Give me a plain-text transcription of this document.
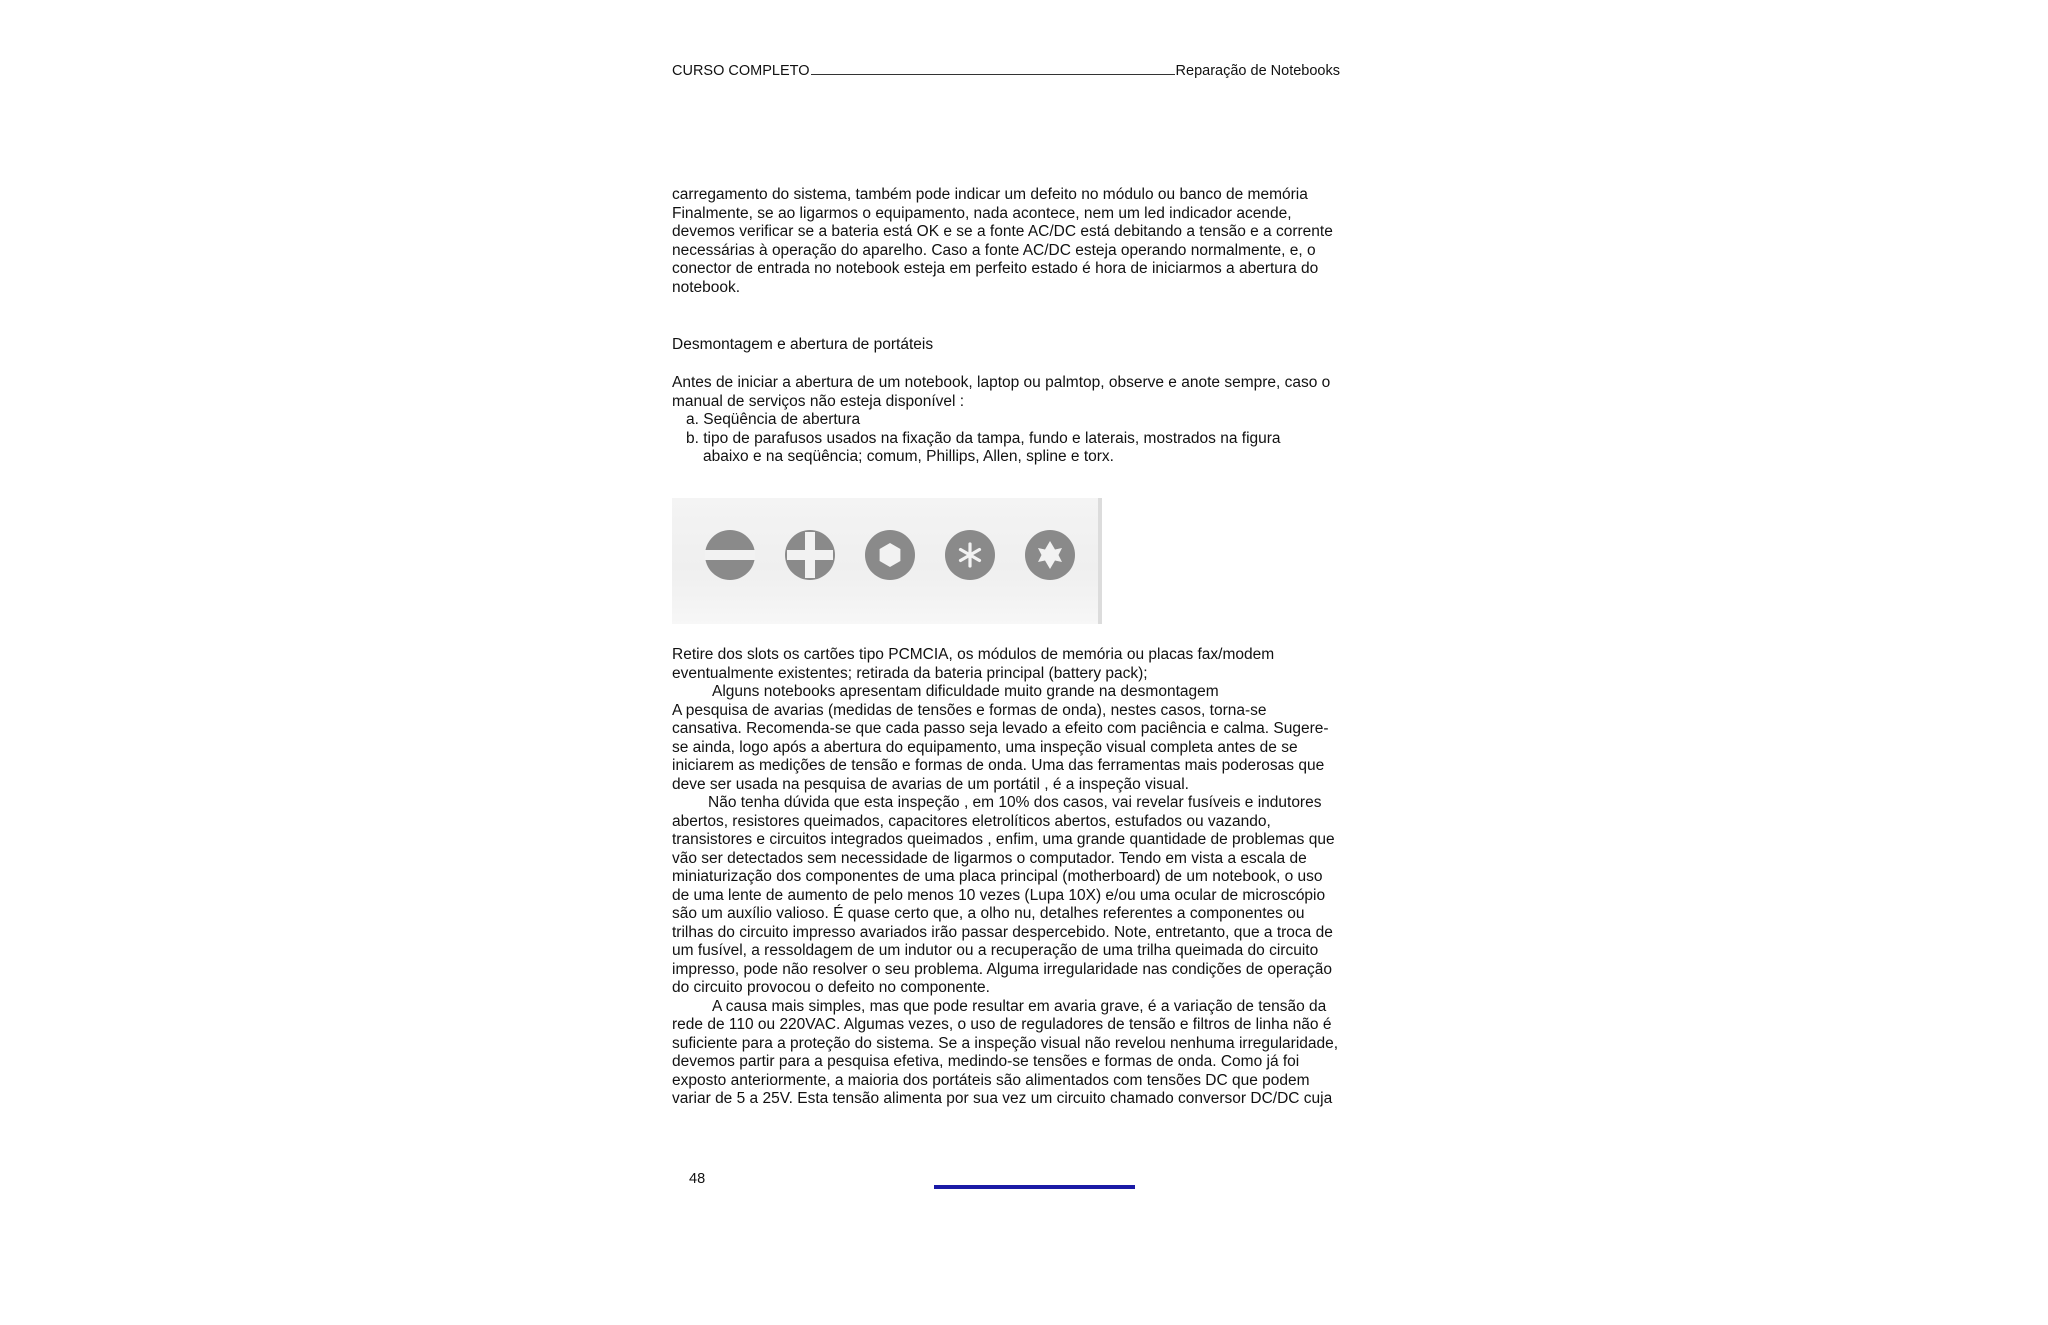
CURSO COMPLETO	Reparação de Notebooks

carregamento do sistema, também pode indicar um defeito no módulo ou banco de memória

Finalmente, se ao ligarmos o equipamento, nada acontece, nem um led indicador acende,

devemos verificar se a bateria está OK e se a fonte AC/DC está debitando a tensão e a corrente

necessárias à operação do aparelho. Caso a fonte AC/DC esteja operando normalmente, e, o

conector de entrada no notebook esteja em perfeito estado é hora de iniciarmos a abertura do

notebook.

Desmontagem e abertura de portáteis

Antes de iniciar a abertura de um notebook, laptop ou palmtop, observe e anote sempre, caso o

manual de serviços não esteja disponível :

a. Seqüência de abertura

b. tipo de parafusos usados na fixação da tampa, fundo e laterais, mostrados na figura

abaixo e na seqüência; comum, Phillips, Allen, spline e torx.

Retire dos slots os cartões tipo PCMCIA, os módulos de memória ou placas fax/modem

eventualmente existentes; retirada da bateria principal (battery pack);

Alguns notebooks apresentam dificuldade muito grande na desmontagem

A pesquisa de avarias (medidas de tensões e formas de onda), nestes casos, torna-se

cansativa. Recomenda-se que cada passo seja levado a efeito com paciência e calma. Sugere-

se ainda, logo após a abertura do equipamento, uma inspeção visual completa antes de se

iniciarem as medições de tensão e formas de onda. Uma das ferramentas mais poderosas que

deve ser usada na pesquisa de avarias de um portátil , é a inspeção visual.

Não tenha dúvida que esta inspeção , em 10% dos casos, vai revelar fusíveis e indutores

abertos, resistores queimados, capacitores eletrolíticos abertos, estufados ou vazando,

transistores e circuitos integrados queimados , enfim, uma grande quantidade de problemas que

vão ser detectados sem necessidade de ligarmos o computador. Tendo em vista a escala de

miniaturização dos componentes de uma placa principal (motherboard) de um notebook, o uso

de uma lente de aumento de pelo menos 10 vezes (Lupa 10X) e/ou uma ocular de microscópio

são um auxílio valioso. É quase certo que, a olho nu, detalhes referentes a componentes ou

trilhas do circuito impresso avariados irão passar despercebido. Note, entretanto, que a troca de

um fusível, a ressoldagem de um indutor ou a recuperação de uma trilha queimada do circuito

impresso, pode não resolver o seu problema. Alguma irregularidade nas condições de operação

do circuito provocou o defeito no componente.

A causa mais simples, mas que pode resultar em avaria grave, é a variação de tensão da

rede de 110 ou 220VAC. Algumas vezes, o uso de reguladores de tensão e filtros de linha não é

suficiente para a proteção do sistema. Se a inspeção visual não revelou nenhuma irregularidade,

devemos partir para a pesquisa efetiva, medindo-se tensões e formas de onda. Como já foi

exposto anteriormente, a maioria dos portáteis são alimentados com tensões DC que podem

variar de 5 a 25V. Esta tensão alimenta por sua vez um circuito chamado conversor DC/DC cuja

48
